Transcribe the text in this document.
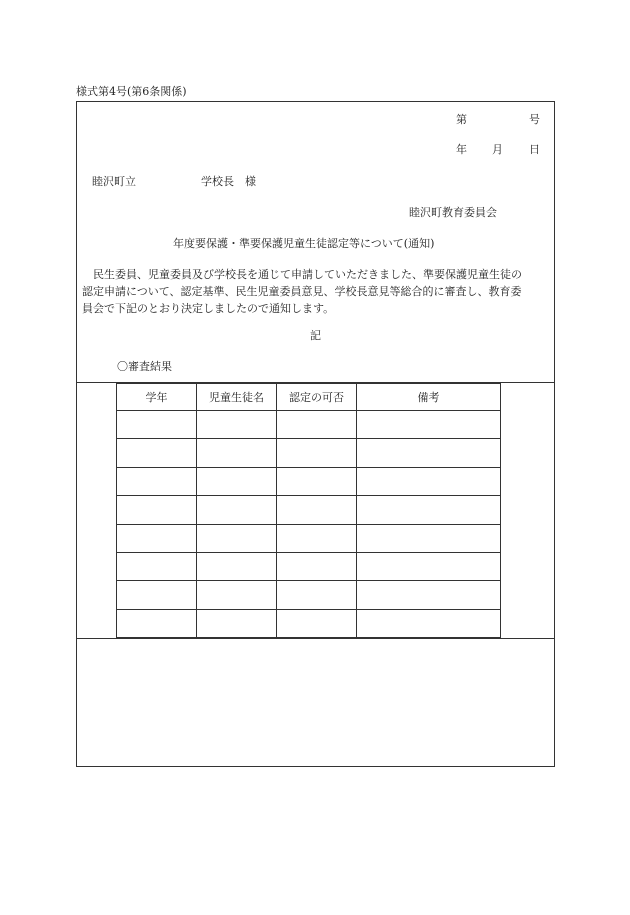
様式第4号(第6条関係)
第	号
年 月 日
睦沢町立	学校長　様
睦沢町教育委員会
年度要保護・準要保護児童生徒認定等について(通知)
　民生委員、児童委員及び学校長を通じて申請していただきました、準要保護児童生徒の
認定申請について、認定基準、民生児童委員意見、学校長意見等総合的に審査し、教育委
員会で下記のとおり決定しましたので通知します。
記
〇審査結果
学年	児童生徒名	認定の可否	備考
